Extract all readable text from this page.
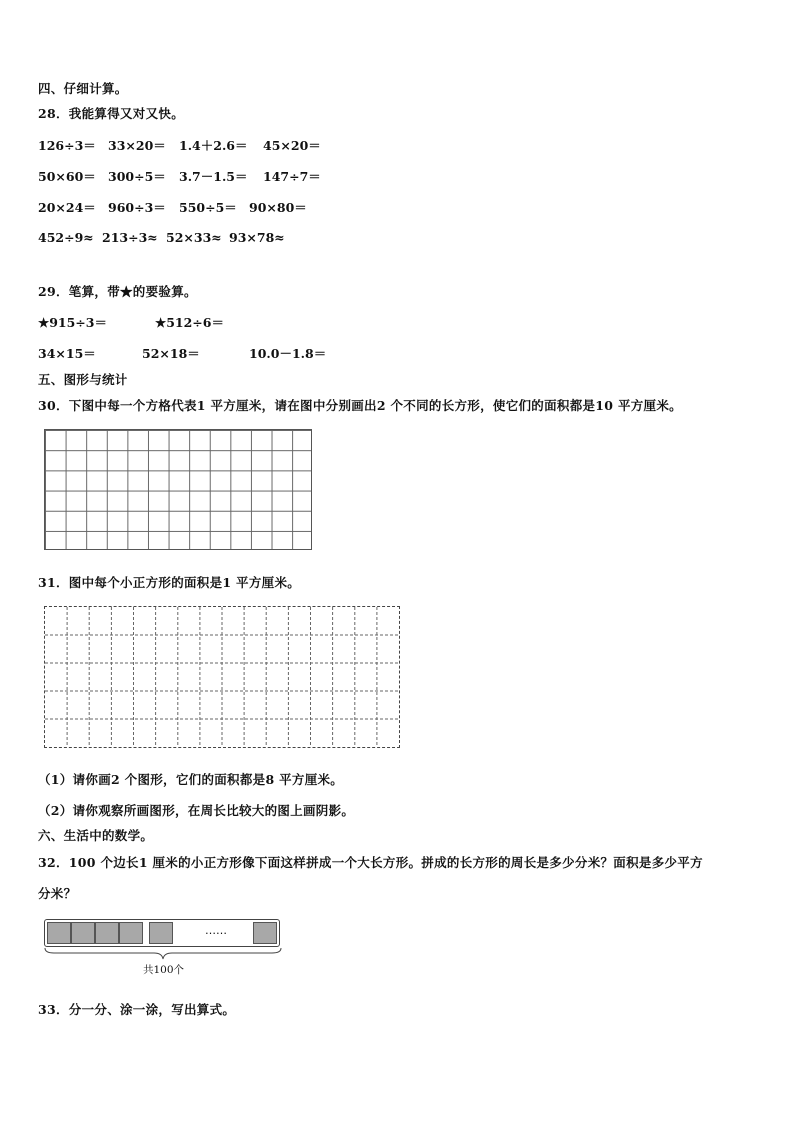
四、仔细计算。
28．我能算得又对又快。
126÷3＝ 33×20＝ 1.4＋2.6＝ 45×20＝
50×60＝ 300÷5＝ 3.7－1.5＝ 147÷7＝
20×24＝ 960÷3＝ 550÷5＝ 90×80＝
452÷9≈ 213÷3≈ 52×33≈ 93×78≈
29．笔算，带★的要验算。
★915÷3＝	★512÷6＝
34×15＝	52×18＝	10.0－1.8＝
五、图形与统计
30．下图中每一个方格代表1 平方厘米，请在图中分别画出2 个不同的长方形，使它们的面积都是10 平方厘米。
31．图中每个小正方形的面积是1 平方厘米。
（1）请你画2 个图形，它们的面积都是8 平方厘米。
（2）请你观察所画图形，在周长比较大的图上画阴影。
六、生活中的数学。
32．100 个边长1 厘米的小正方形像下面这样拼成一个大长方形。拼成的长方形的周长是多少分米？面积是多少平方
分米？
……
共100个
33．分一分、涂一涂，写出算式。
